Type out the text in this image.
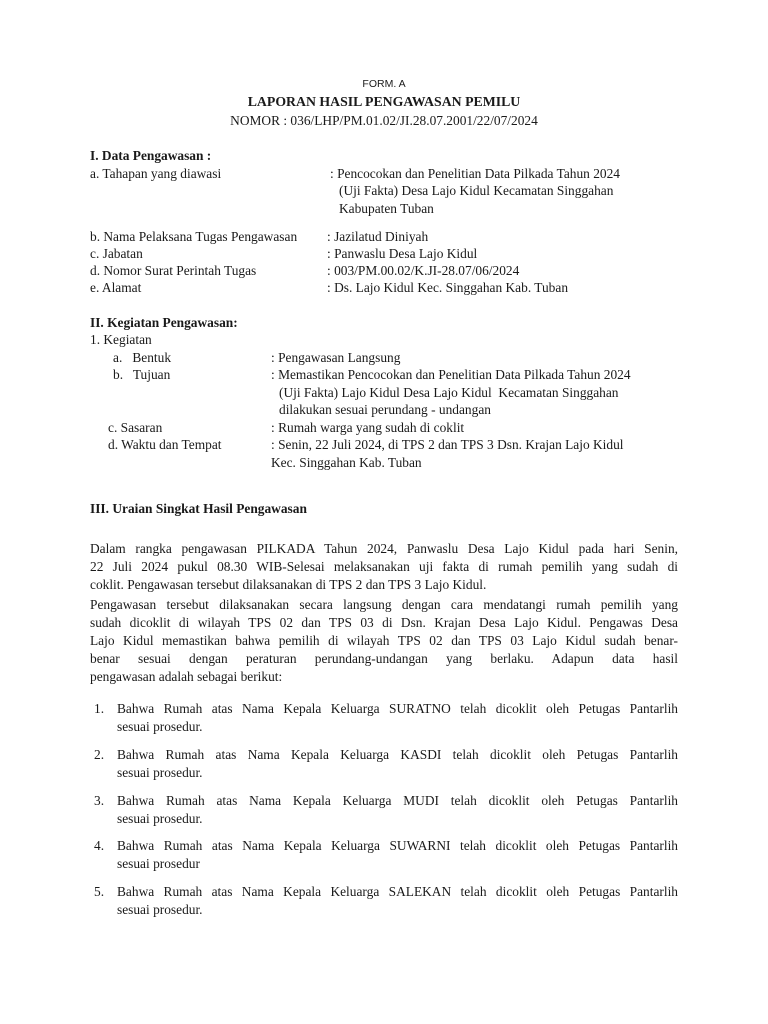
FORM. A
LAPORAN HASIL PENGAWASAN PEMILU
NOMOR : 036/LHP/PM.01.02/JI.28.07.2001/22/07/2024
I. Data Pengawasan :
a. Tahapan yang diawasi	: Pencocokan dan Penelitian Data Pilkada Tahun 2024
(Uji Fakta) Desa Lajo Kidul Kecamatan Singgahan
Kabupaten Tuban
b. Nama Pelaksana Tugas Pengawasan : Jazilatud Diniyah
c. Jabatan	: Panwaslu Desa Lajo Kidul
d. Nomor Surat Perintah Tugas	: 003/PM.00.02/K.JI-28.07/06/2024
e. Alamat	: Ds. Lajo Kidul Kec. Singgahan Kab. Tuban
II. Kegiatan Pengawasan:
1. Kegiatan
a.   Bentuk	: Pengawasan Langsung
b.   Tujuan	: Memastikan Pencocokan dan Penelitian Data Pilkada Tahun 2024
(Uji Fakta) Lajo Kidul Desa Lajo Kidul  Kecamatan Singgahan
dilakukan sesuai perundang - undangan
c. Sasaran	: Rumah warga yang sudah di coklit
d. Waktu dan Tempat	: Senin, 22 Juli 2024, di TPS 2 dan TPS 3 Dsn. Krajan Lajo Kidul
Kec. Singgahan Kab. Tuban
III. Uraian Singkat Hasil Pengawasan
Dalam rangka pengawasan PILKADA Tahun 2024, Panwaslu Desa Lajo Kidul pada hari Senin,
22 Juli 2024 pukul 08.30 WIB-Selesai melaksanakan uji fakta di rumah pemilih yang sudah di
coklit. Pengawasan tersebut dilaksanakan di TPS 2 dan TPS 3 Lajo Kidul.
Pengawasan tersebut dilaksanakan secara langsung dengan cara mendatangi rumah pemilih yang
sudah dicoklit di wilayah TPS 02 dan TPS 03 di Dsn. Krajan Desa Lajo Kidul. Pengawas Desa
Lajo Kidul memastikan bahwa pemilih di wilayah TPS 02 dan TPS 03 Lajo Kidul sudah benar-
benar sesuai dengan peraturan perundang-undangan yang berlaku. Adapun data hasil
pengawasan adalah sebagai berikut:
1. Bahwa Rumah atas Nama Kepala Keluarga SURATNO telah dicoklit oleh Petugas Pantarlih
sesuai prosedur.
2. Bahwa Rumah atas Nama Kepala Keluarga KASDI telah dicoklit oleh Petugas Pantarlih
sesuai prosedur.
3. Bahwa Rumah atas Nama Kepala Keluarga MUDI telah dicoklit oleh Petugas Pantarlih
sesuai prosedur.
4. Bahwa Rumah atas Nama Kepala Keluarga SUWARNI telah dicoklit oleh Petugas Pantarlih
sesuai prosedur
5. Bahwa Rumah atas Nama Kepala Keluarga SALEKAN telah dicoklit oleh Petugas Pantarlih
sesuai prosedur.
